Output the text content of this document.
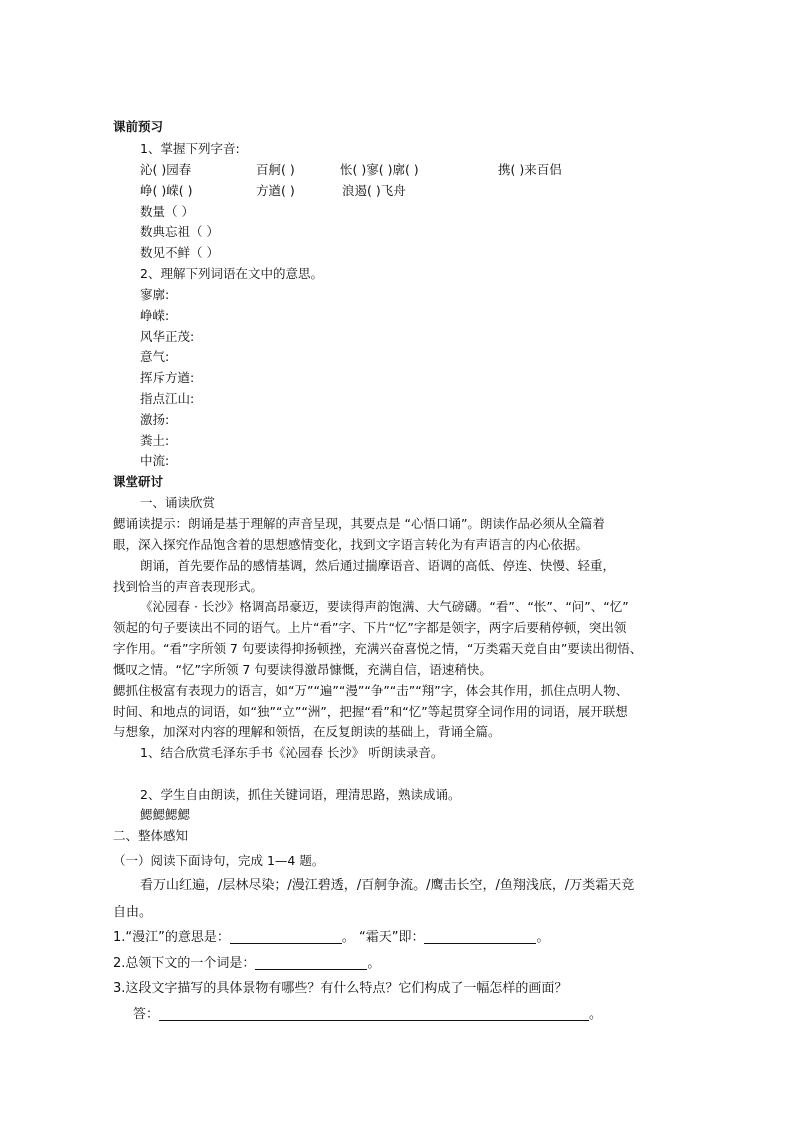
课前预习
1、掌握下列字音:
沁( )园春	百舸( )	怅( )寥( )廓( )	携( )来百侣
峥( )嵘( )	方遒( )	浪遏( )飞舟
数量（ ）
数典忘祖（ ）
数见不鲜（ ）
2、理解下列词语在文中的意思。
寥廓:
峥嵘:
风华正茂:
意气:
挥斥方遒:
指点江山:
激扬:
粪土:
中流:
课堂研讨
一、诵读欣赏
鰓诵读提示：朗诵是基于理解的声音呈现，其要点是 “心悟口诵”。朗读作品必须从全篇着
眼，深入探究作品饱含着的思想感情变化，找到文字语言转化为有声语言的内心依据。
朗诵，首先要作品的感情基调，然后通过揣摩语音、语调的高低、停连、快慢、轻重，
找到恰当的声音表现形式。
《沁园春 · 长沙》格调高昂豪迈，要读得声韵饱满、大气磅礴。“看”、“怅”、“问”、“忆”
领起的句子要读出不同的语气。上片“看”字、下片“忆”字都是领字，两字后要稍停顿，突出领
字作用。“看”字所领 7 句要读得抑扬顿挫，充满兴奋喜悦之情，“万类霜天竞自由”要读出彻悟、
慨叹之情。“忆”字所领 7 句要读得激昂慷慨，充满自信，语速稍快。
鰓抓住极富有表现力的语言，如“万”“遍”“漫”“争”“击”“翔”字，体会其作用，抓住点明人物、
时间、和地点的词语，如“独”“立”“洲”，把握“看”和“忆”等起贯穿全词作用的词语，展开联想
与想象，加深对内容的理解和领悟，在反复朗读的基础上，背诵全篇。
1、结合欣赏毛泽东手书《沁园春 长沙》 听朗读录音。
2、学生自由朗读，抓住关键词语，理清思路，熟读成诵。
鰓鰓鰓鰓
二、整体感知
（一）阅读下面诗句，完成 1—4 题。
看万山红遍，/层林尽染；/漫江碧透，/百舸争流。/鹰击长空，/鱼翔浅底，/万类霜天竞
自由。
1.“漫江”的意思是：	。 “霜天”即：	。
2.总领下文的一个词是：	。
3.这段文字描写的具体景物有哪些？有什么特点？它们构成了一幅怎样的画面？
答：	。
